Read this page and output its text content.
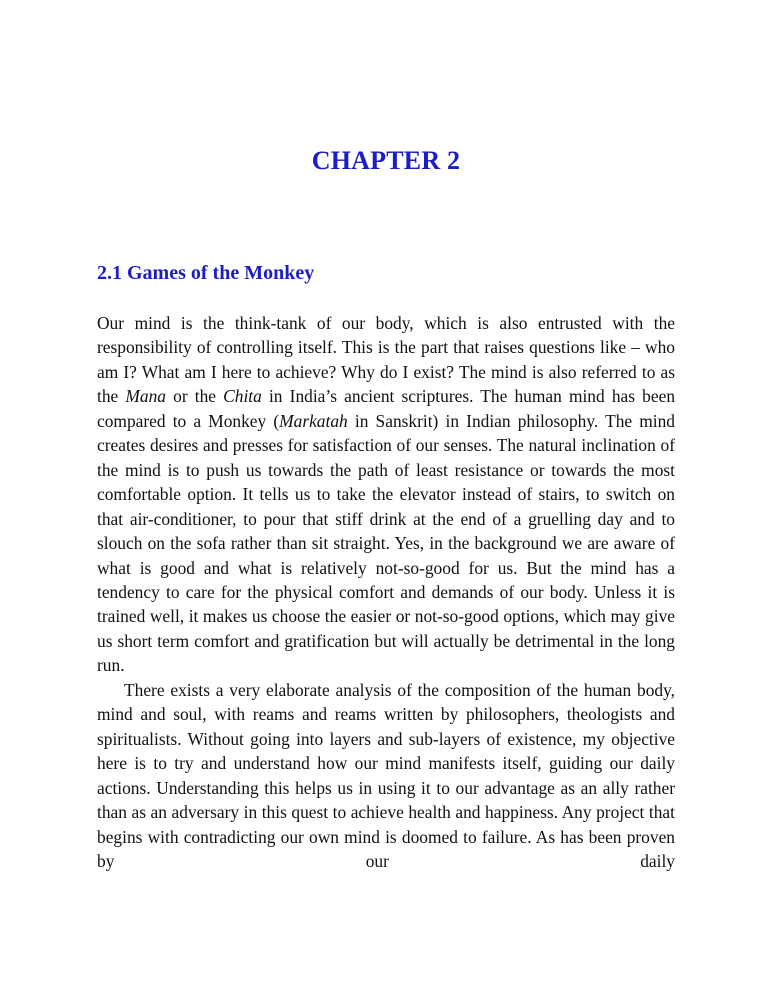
CHAPTER 2
2.1 Games of the Monkey

Our mind is the think-tank of our body, which is also entrusted with the responsibility of controlling itself. This is the part that raises questions like – who am I? What am I here to achieve? Why do I exist? The mind is also referred to as the Mana or the Chita in India’s ancient scriptures. The human mind has been compared to a Monkey (Markatah in Sanskrit) in Indian philosophy. The mind creates desires and presses for satisfaction of our senses. The natural inclination of the mind is to push us towards the path of least resistance or towards the most comfortable option. It tells us to take the elevator instead of stairs, to switch on that air-conditioner, to pour that stiff drink at the end of a gruelling day and to slouch on the sofa rather than sit straight. Yes, in the background we are aware of what is good and what is relatively not-so-good for us. But the mind has a tendency to care for the physical comfort and demands of our body. Unless it is trained well, it makes us choose the easier or not-so-good options, which may give us short term comfort and gratification but will actually be detrimental in the long run.

There exists a very elaborate analysis of the composition of the human body, mind and soul, with reams and reams written by philosophers, theologists and spiritualists. Without going into layers and sub-layers of existence, my objective here is to try and understand how our mind manifests itself, guiding our daily actions. Understanding this helps us in using it to our advantage as an ally rather than as an adversary in this quest to achieve health and happiness. Any project that begins with contradicting our own mind is doomed to failure. As has been proven by our daily
